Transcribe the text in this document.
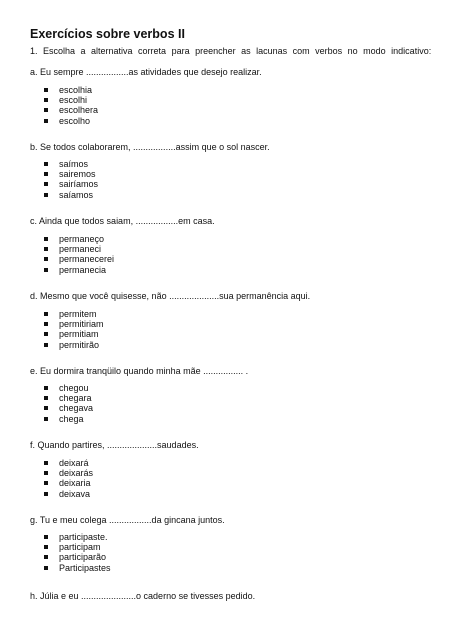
Exercícios sobre verbos II
1. Escolha a alternativa correta para preencher as lacunas com verbos no modo indicativo:
a. Eu sempre .................as atividades que desejo realizar.
escolhia
escolhi
escolhera
escolho
b. Se todos colaborarem, .................assim que o sol nascer.
saímos
sairemos
sairíamos
saíamos
c. Ainda que todos saiam, .................em casa.
permaneço
permaneci
permanecerei
permanecia
d. Mesmo que você quisesse, não ....................sua permanência aqui.
permitem
permitiriam
permitiam
permitirão
e. Eu dormira tranqüilo quando minha mãe ................ .
chegou
chegara
chegava
chega
f. Quando partires, ....................saudades.
deixará
deixarás
deixaria
deixava
g. Tu e meu colega .................da gincana juntos.
participaste.
participam
participarão
Participastes
h. Júlia e eu ......................o caderno se tivesses pedido.
